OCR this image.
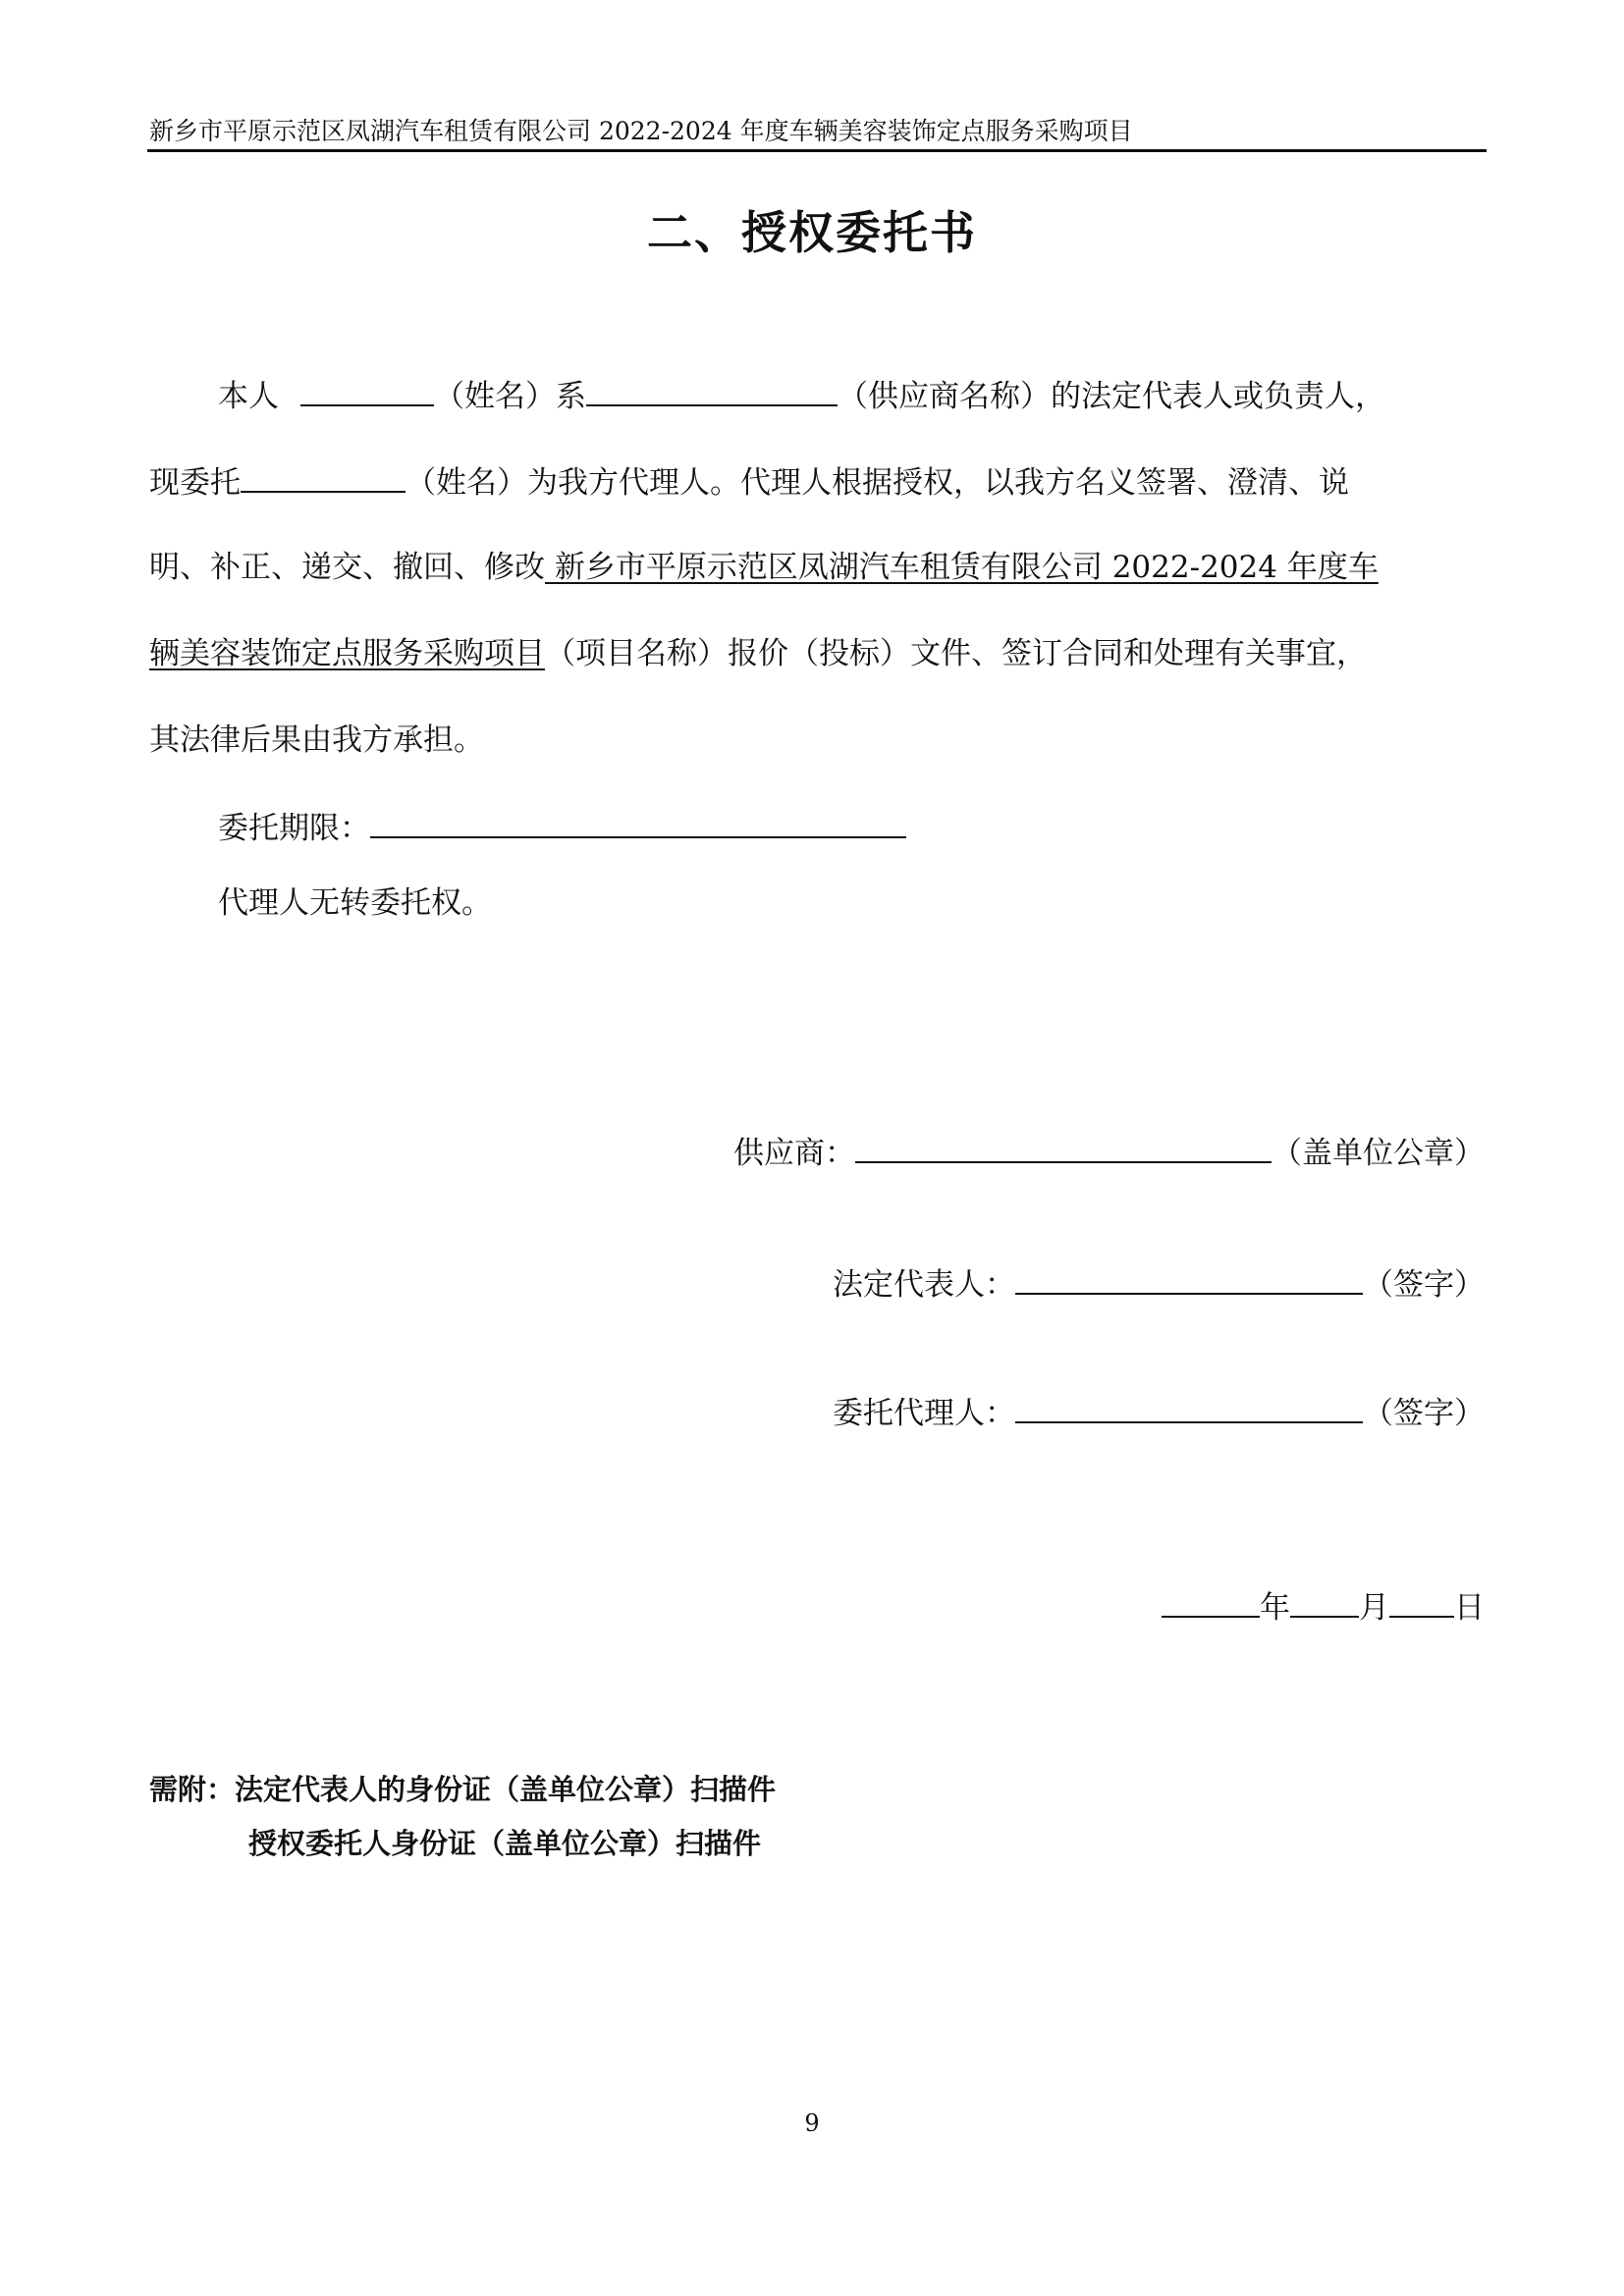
新乡市平原示范区凤湖汽车租赁有限公司 2022-2024 年度车辆美容装饰定点服务采购项目
二、授权委托书
本人	（姓名）系	（供应商名称）的法定代表人或负责人，
现委托	（姓名）为我方代理人。代理人根据授权，以我方名义签署、澄清、说
明、补正、递交、撤回、修改 新乡市平原示范区凤湖汽车租赁有限公司 2022-2024 年度车
辆美容装饰定点服务采购项目（项目名称）报价（投标）文件、签订合同和处理有关事宜，
其法律后果由我方承担。
委托期限：
代理人无转委托权。
供应商：	（盖单位公章）
法定代表人：	（签字）
委托代理人：	（签字）
年 月 日
需附：法定代表人的身份证（盖单位公章）扫描件
授权委托人身份证（盖单位公章）扫描件
9
